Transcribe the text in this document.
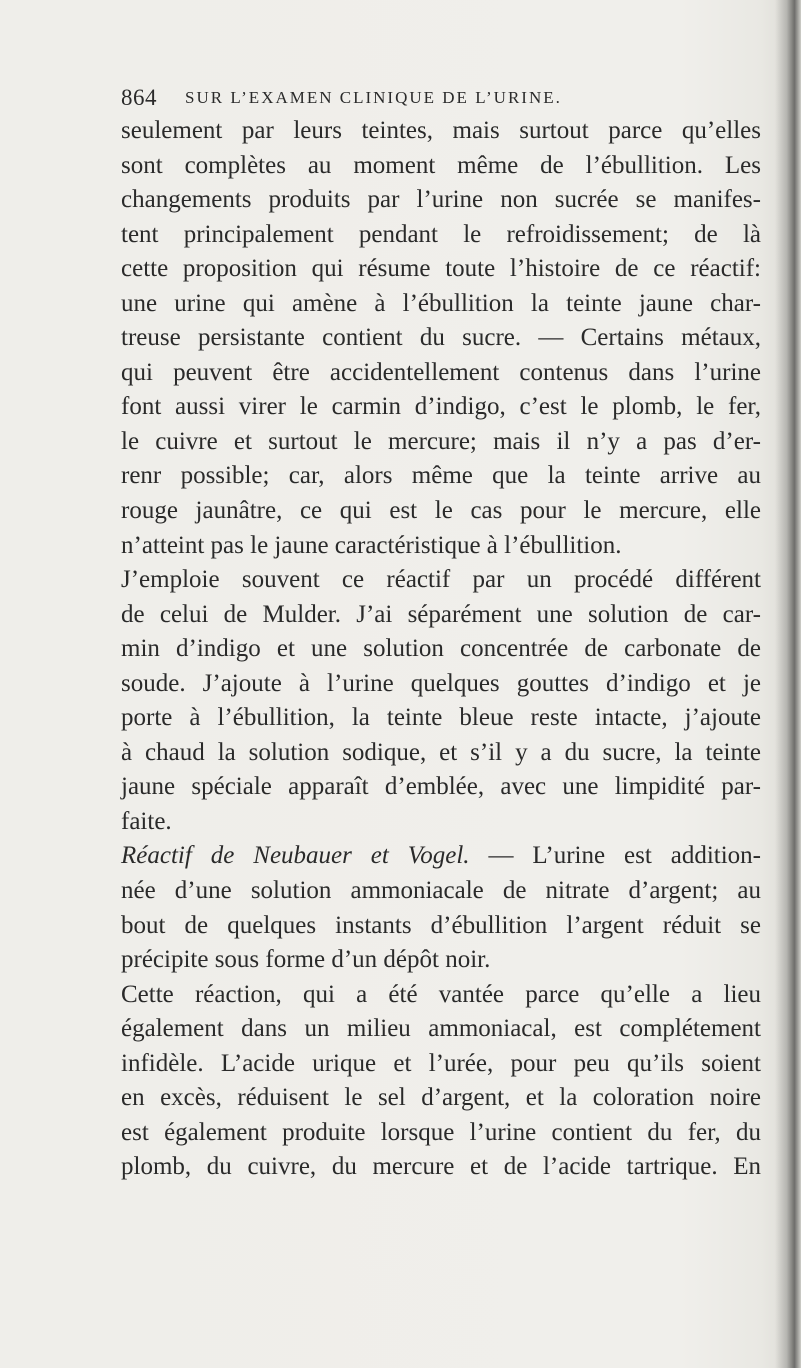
864 SUR L’EXAMEN CLINIQUE DE L’URINE.
seulement par leurs teintes, mais surtout parce qu’elles
sont complètes au moment même de l’ébullition. Les
changements produits par l’urine non sucrée se manifes-
tent principalement pendant le refroidissement; de là
cette proposition qui résume toute l’histoire de ce réactif:
une urine qui amène à l’ébullition la teinte jaune char-
treuse persistante contient du sucre. — Certains métaux,
qui peuvent être accidentellement contenus dans l’urine
font aussi virer le carmin d’indigo, c’est le plomb, le fer,
le cuivre et surtout le mercure; mais il n’y a pas d’er-
renr possible; car, alors même que la teinte arrive au
rouge jaunâtre, ce qui est le cas pour le mercure, elle
n’atteint pas le jaune caractéristique à l’ébullition.
J’emploie souvent ce réactif par un procédé différent
de celui de Mulder. J’ai séparément une solution de car-
min d’indigo et une solution concentrée de carbonate de
soude. J’ajoute à l’urine quelques gouttes d’indigo et je
porte à l’ébullition, la teinte bleue reste intacte, j’ajoute
à chaud la solution sodique, et s’il y a du sucre, la teinte
jaune spéciale apparaît d’emblée, avec une limpidité par-
faite.
Réactif de Neubauer et Vogel. — L’urine est addition-
née d’une solution ammoniacale de nitrate d’argent; au
bout de quelques instants d’ébullition l’argent réduit se
précipite sous forme d’un dépôt noir.
Cette réaction, qui a été vantée parce qu’elle a lieu
également dans un milieu ammoniacal, est complétement
infidèle. L’acide urique et l’urée, pour peu qu’ils soient
en excès, réduisent le sel d’argent, et la coloration noire
est également produite lorsque l’urine contient du fer, du
plomb, du cuivre, du mercure et de l’acide tartrique. En
